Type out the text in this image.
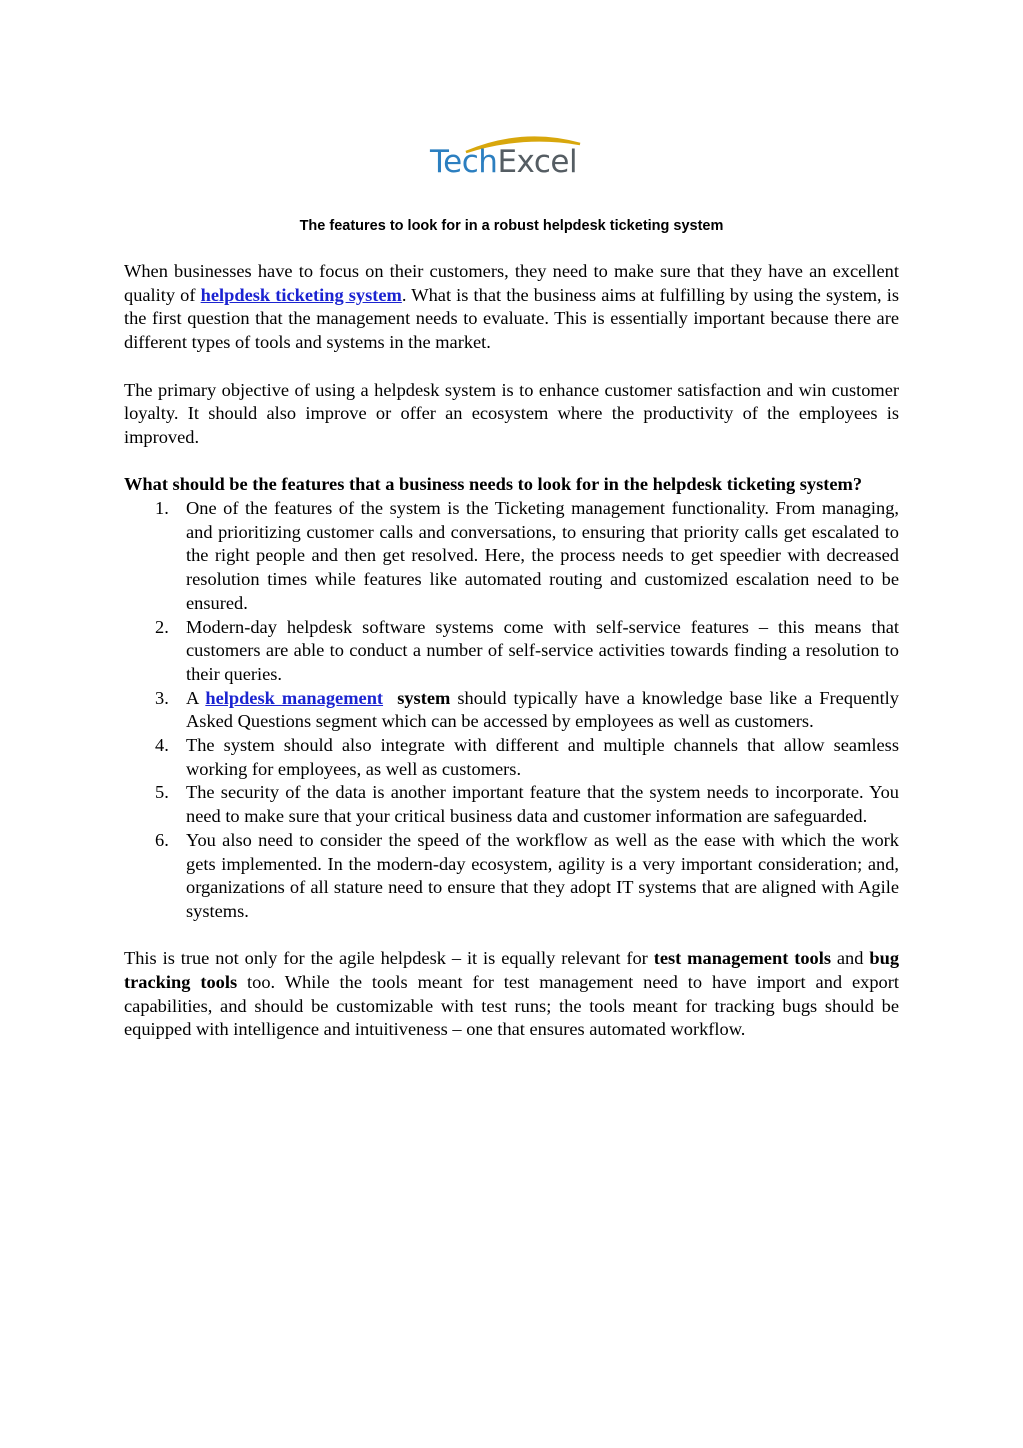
TechExcel
The features to look for in a robust helpdesk ticketing system

When businesses have to focus on their customers, they need to make sure that they have an excellent quality of helpdesk ticketing system. What is that the business aims at fulfilling by using the system, is the first question that the management needs to evaluate. This is essentially important because there are different types of tools and systems in the market.

The primary objective of using a helpdesk system is to enhance customer satisfaction and win customer loyalty. It should also improve or offer an ecosystem where the productivity of the employees is improved.

What should be the features that a business needs to look for in the helpdesk ticketing system?
1. One of the features of the system is the Ticketing management functionality. From managing, and prioritizing customer calls and conversations, to ensuring that priority calls get escalated to the right people and then get resolved. Here, the process needs to get speedier with decreased resolution times while features like automated routing and customized escalation need to be ensured.
2. Modern-day helpdesk software systems come with self-service features – this means that customers are able to conduct a number of self-service activities towards finding a resolution to their queries.
3. A helpdesk management system should typically have a knowledge base like a Frequently Asked Questions segment which can be accessed by employees as well as customers.
4. The system should also integrate with different and multiple channels that allow seamless working for employees, as well as customers.
5. The security of the data is another important feature that the system needs to incorporate. You need to make sure that your critical business data and customer information are safeguarded.
6. You also need to consider the speed of the workflow as well as the ease with which the work gets implemented. In the modern-day ecosystem, agility is a very important consideration; and, organizations of all stature need to ensure that they adopt IT systems that are aligned with Agile systems.

This is true not only for the agile helpdesk – it is equally relevant for test management tools and bug tracking tools too. While the tools meant for test management need to have import and export capabilities, and should be customizable with test runs; the tools meant for tracking bugs should be equipped with intelligence and intuitiveness – one that ensures automated workflow.
